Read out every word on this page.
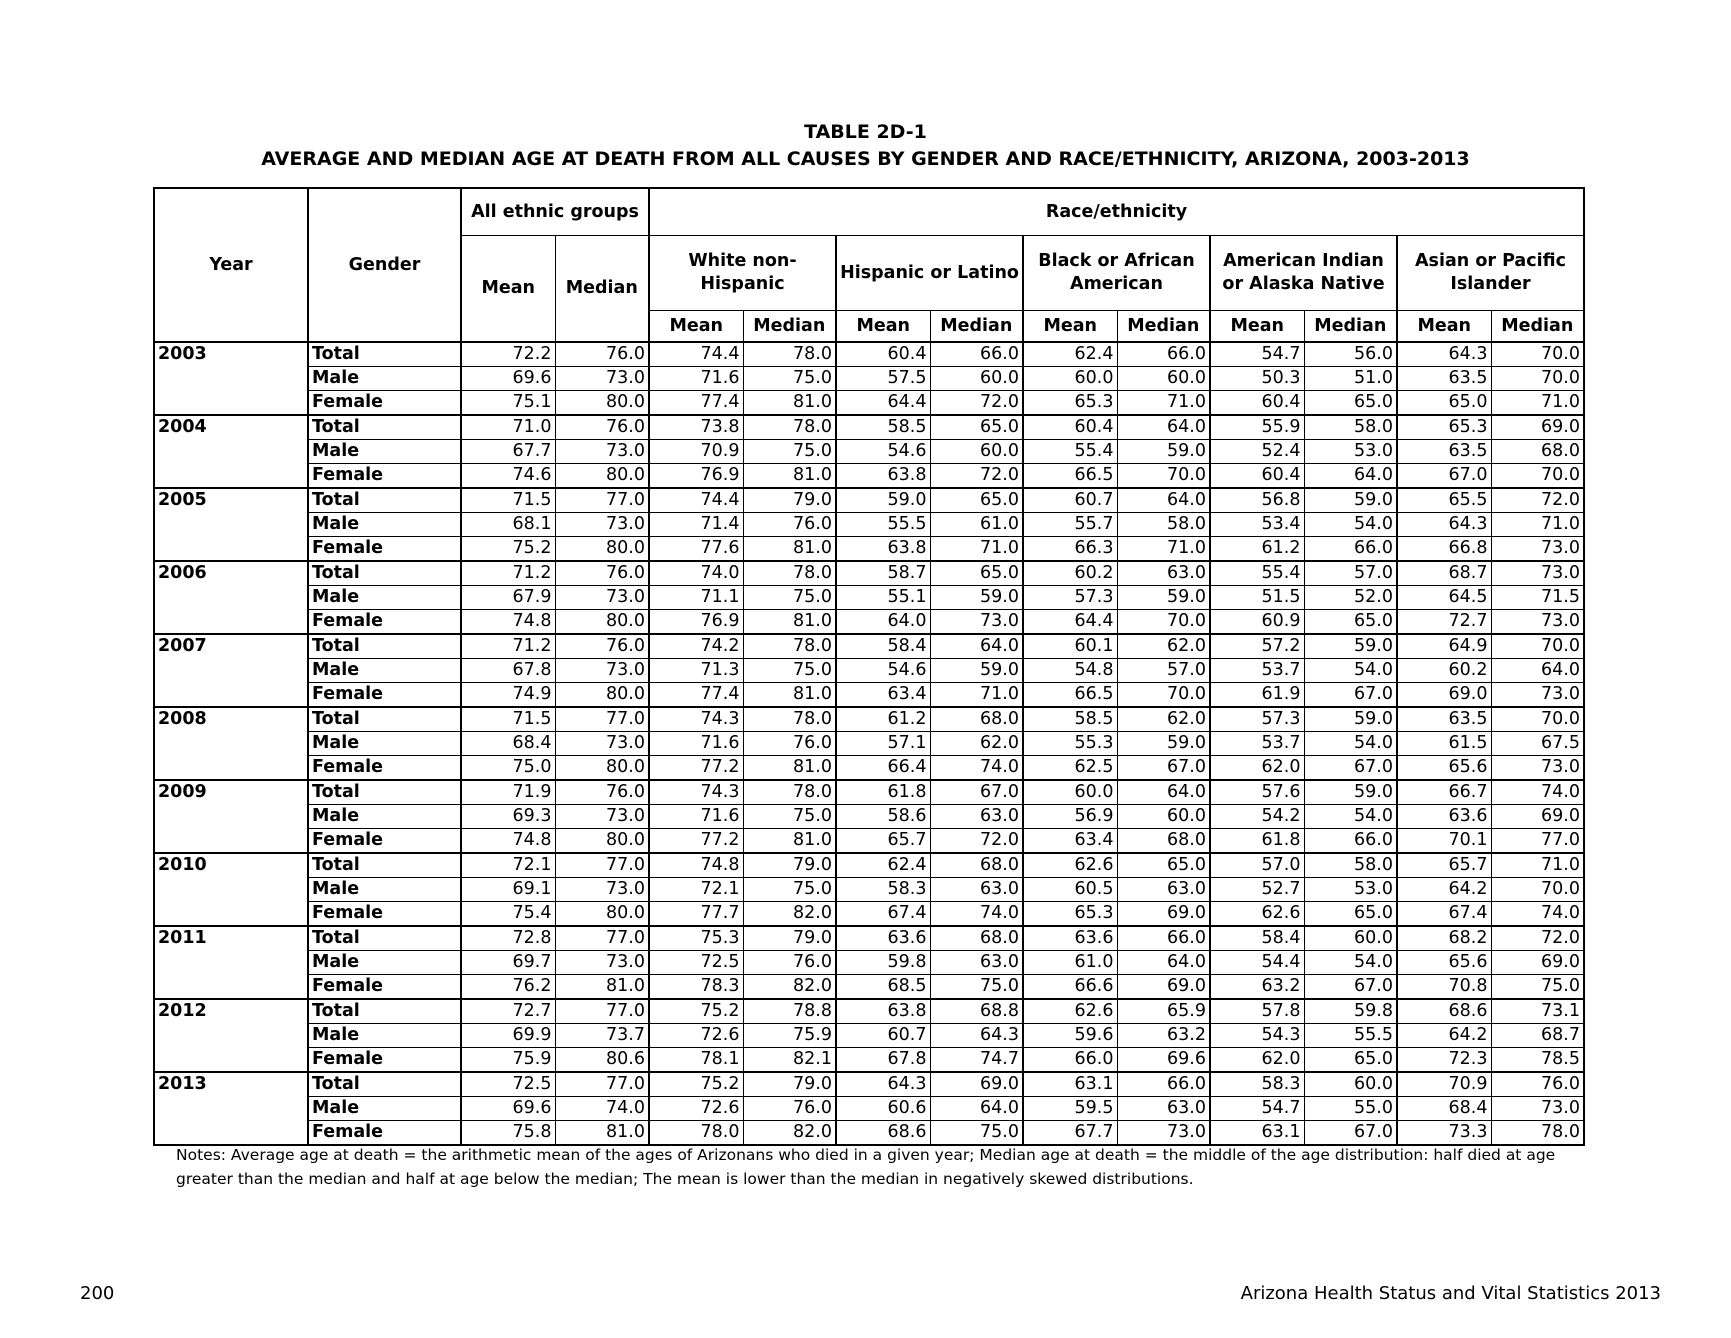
TABLE 2D-1
AVERAGE AND MEDIAN AGE AT DEATH FROM ALL CAUSES BY GENDER AND RACE/ETHNICITY, ARIZONA, 2003-2013
Year	Gender	All ethnic groups		Race/ethnicity									
		Mean	Median	White non-Hispanic		Hispanic or Latino		Black or African American		American Indian or Alaska Native		Asian or Pacific Islander	
				Mean	Median	Mean	Median	Mean	Median	Mean	Median	Mean	Median
2003	Total	72.2	76.0	74.4	78.0	60.4	66.0	62.4	66.0	54.7	56.0	64.3	70.0
	Male	69.6	73.0	71.6	75.0	57.5	60.0	60.0	60.0	50.3	51.0	63.5	70.0
	Female	75.1	80.0	77.4	81.0	64.4	72.0	65.3	71.0	60.4	65.0	65.0	71.0
2004	Total	71.0	76.0	73.8	78.0	58.5	65.0	60.4	64.0	55.9	58.0	65.3	69.0
	Male	67.7	73.0	70.9	75.0	54.6	60.0	55.4	59.0	52.4	53.0	63.5	68.0
	Female	74.6	80.0	76.9	81.0	63.8	72.0	66.5	70.0	60.4	64.0	67.0	70.0
2005	Total	71.5	77.0	74.4	79.0	59.0	65.0	60.7	64.0	56.8	59.0	65.5	72.0
	Male	68.1	73.0	71.4	76.0	55.5	61.0	55.7	58.0	53.4	54.0	64.3	71.0
	Female	75.2	80.0	77.6	81.0	63.8	71.0	66.3	71.0	61.2	66.0	66.8	73.0
2006	Total	71.2	76.0	74.0	78.0	58.7	65.0	60.2	63.0	55.4	57.0	68.7	73.0
	Male	67.9	73.0	71.1	75.0	55.1	59.0	57.3	59.0	51.5	52.0	64.5	71.5
	Female	74.8	80.0	76.9	81.0	64.0	73.0	64.4	70.0	60.9	65.0	72.7	73.0
2007	Total	71.2	76.0	74.2	78.0	58.4	64.0	60.1	62.0	57.2	59.0	64.9	70.0
	Male	67.8	73.0	71.3	75.0	54.6	59.0	54.8	57.0	53.7	54.0	60.2	64.0
	Female	74.9	80.0	77.4	81.0	63.4	71.0	66.5	70.0	61.9	67.0	69.0	73.0
2008	Total	71.5	77.0	74.3	78.0	61.2	68.0	58.5	62.0	57.3	59.0	63.5	70.0
	Male	68.4	73.0	71.6	76.0	57.1	62.0	55.3	59.0	53.7	54.0	61.5	67.5
	Female	75.0	80.0	77.2	81.0	66.4	74.0	62.5	67.0	62.0	67.0	65.6	73.0
2009	Total	71.9	76.0	74.3	78.0	61.8	67.0	60.0	64.0	57.6	59.0	66.7	74.0
	Male	69.3	73.0	71.6	75.0	58.6	63.0	56.9	60.0	54.2	54.0	63.6	69.0
	Female	74.8	80.0	77.2	81.0	65.7	72.0	63.4	68.0	61.8	66.0	70.1	77.0
2010	Total	72.1	77.0	74.8	79.0	62.4	68.0	62.6	65.0	57.0	58.0	65.7	71.0
	Male	69.1	73.0	72.1	75.0	58.3	63.0	60.5	63.0	52.7	53.0	64.2	70.0
	Female	75.4	80.0	77.7	82.0	67.4	74.0	65.3	69.0	62.6	65.0	67.4	74.0
2011	Total	72.8	77.0	75.3	79.0	63.6	68.0	63.6	66.0	58.4	60.0	68.2	72.0
	Male	69.7	73.0	72.5	76.0	59.8	63.0	61.0	64.0	54.4	54.0	65.6	69.0
	Female	76.2	81.0	78.3	82.0	68.5	75.0	66.6	69.0	63.2	67.0	70.8	75.0
2012	Total	72.7	77.0	75.2	78.8	63.8	68.8	62.6	65.9	57.8	59.8	68.6	73.1
	Male	69.9	73.7	72.6	75.9	60.7	64.3	59.6	63.2	54.3	55.5	64.2	68.7
	Female	75.9	80.6	78.1	82.1	67.8	74.7	66.0	69.6	62.0	65.0	72.3	78.5
2013	Total	72.5	77.0	75.2	79.0	64.3	69.0	63.1	66.0	58.3	60.0	70.9	76.0
	Male	69.6	74.0	72.6	76.0	60.6	64.0	59.5	63.0	54.7	55.0	68.4	73.0
	Female	75.8	81.0	78.0	82.0	68.6	75.0	67.7	73.0	63.1	67.0	73.3	78.0
Notes: Average age at death = the arithmetic mean of the ages of Arizonans who died in a given year; Median age at death = the middle of the age distribution: half died at age greater than the median and half at age below the median; The mean is lower than the median in negatively skewed distributions.
200	Arizona Health Status and Vital Statistics 2013
